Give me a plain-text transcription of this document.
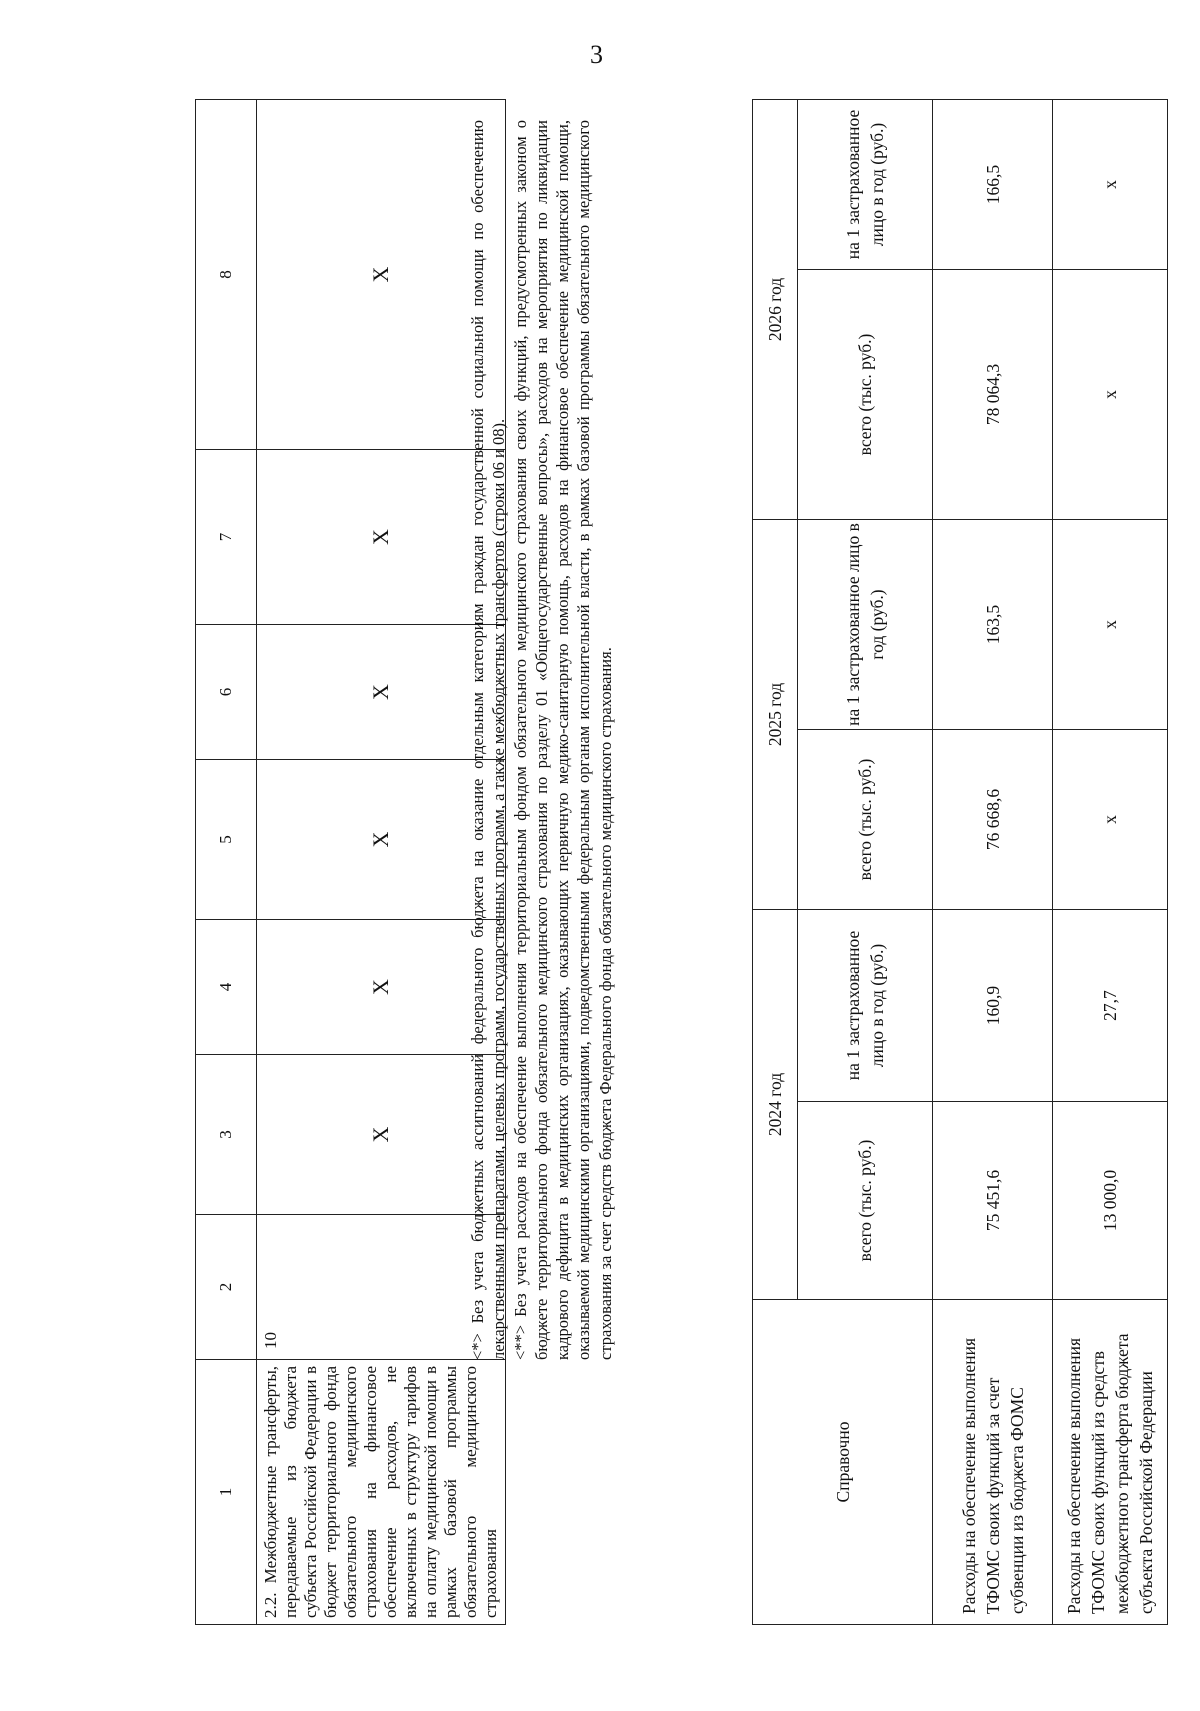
3
1	2	3	4	5	6	7	8
2.2. Межбюджетные трансферты, передаваемые из бюджета субъекта Российской Федерации в бюджет территориального фонда обязательного медицинского страхования на финансовое обеспечение расходов, не включенных в структуру тарифов на оплату медицинской помощи в рамках базовой программы обязательного медицинского страхования	10	Х	Х	Х	Х	Х	Х	<*> Без учета бюджетных ассигнований федерального бюджета на оказание отдельным категориям граждан государственной социальной помощи по обеспечению лекарственными препаратами, целевых программ, государственных программ, а также межбюджетных трансфертов (строки 06 и 08). <**> Без учета расходов на обеспечение выполнения территориальным фондом обязательного медицинского страхования своих функций, предусмотренных законом о бюджете территориального фонда обязательного медицинского страхования по разделу 01 «Общегосударственные вопросы», расходов на мероприятия по ликвидации кадрового дефицита в медицинских организациях, оказывающих первичную медико-санитарную помощь, расходов на финансовое обеспечение медицинской помощи, оказываемой медицинскими организациями, подведомственными федеральным органам исполнительной власти, в рамках базовой программы обязательного медицинского страхования за счет средств бюджета Федерального фонда обязательного медицинского страхования.

Справочно	2024 год		2025 год		2026 год	
	всего (тыс. руб.)	на 1 застрахованное лицо в год (руб.)	всего (тыс. руб.)	на 1 застрахованное лицо в год (руб.)	всего (тыс. руб.)	на 1 застрахованное лицо в год (руб.)
Расходы на обеспечение выполнения ТФОМС своих функций за счет субвенции из бюджета ФОМС	75 451,6	160,9	76 668,6	163,5	78 064,3	166,5
Расходы на обеспечение выполнения ТФОМС своих функций из средств межбюджетного трансферта бюджета субъекта Российской Федерации	13 000,0	27,7	х	х	х	х
